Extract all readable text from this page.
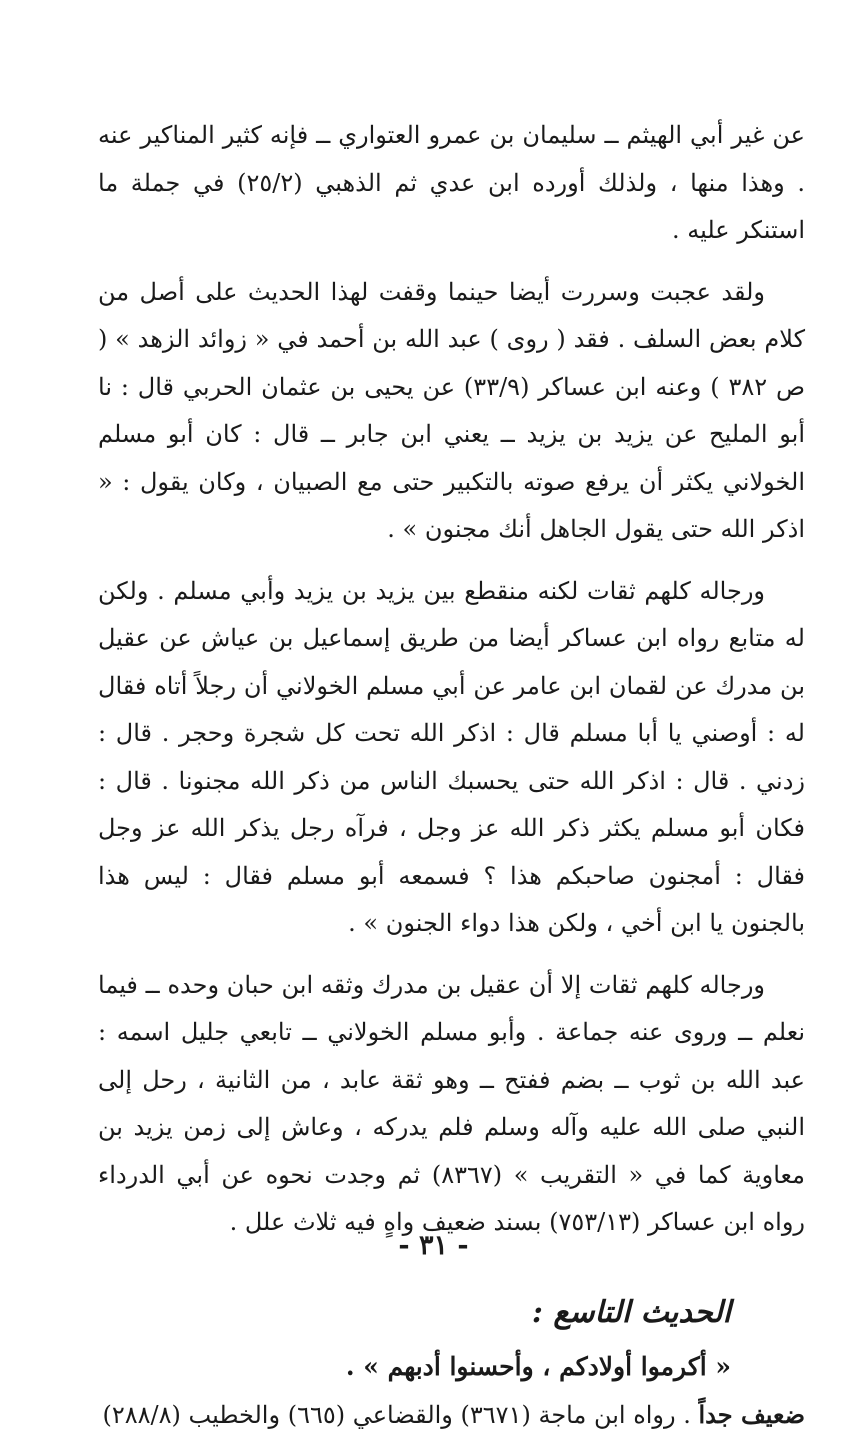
عن غير أبي الهيثم ــ سليمان بن عمرو العتواري ــ فإنه كثير المناكير عنه . وهذا منها ، ولذلك أورده ابن عدي ثم الذهبي (٢٥/٢) في جملة ما استنكر عليه .

ولقد عجبت وسررت أيضا حينما وقفت لهذا الحديث على أصل من كلام بعض السلف . فقد ( روى ) عبد الله بن أحمد في « زوائد الزهد » ( ص ٣٨٢ ) وعنه ابن عساكر (٣٣/٩) عن يحيى بن عثمان الحربي قال : نا أبو المليح عن يزيد بن يزيد ــ يعني ابن جابر ــ قال : كان أبو مسلم الخولاني يكثر أن يرفع صوته بالتكبير حتى مع الصبيان ، وكان يقول : « اذكر الله حتى يقول الجاهل أنك مجنون » .

ورجاله كلهم ثقات لكنه منقطع بين يزيد بن يزيد وأبي مسلم . ولكن له متابع رواه ابن عساكر أيضا من طريق إسماعيل بن عياش عن عقيل بن مدرك عن لقمان ابن عامر عن أبي مسلم الخولاني أن رجلاً أتاه فقال له : أوصني يا أبا مسلم قال : اذكر الله تحت كل شجرة وحجر . قال : زدني . قال : اذكر الله حتى يحسبك الناس من ذكر الله مجنونا . قال : فكان أبو مسلم يكثر ذكر الله عز وجل ، فرآه رجل يذكر الله عز وجل فقال : أمجنون صاحبكم هذا ؟ فسمعه أبو مسلم فقال : ليس هذا بالجنون يا ابن أخي ، ولكن هذا دواء الجنون » .

ورجاله كلهم ثقات إلا أن عقيل بن مدرك وثقه ابن حبان وحده ــ فيما نعلم ــ وروى عنه جماعة . وأبو مسلم الخولاني ــ تابعي جليل اسمه : عبد الله بن ثوب ــ بضم ففتح ــ وهو ثقة عابد ، من الثانية ، رحل إلى النبي صلى الله عليه وآله وسلم فلم يدركه ، وعاش إلى زمن يزيد بن معاوية كما في « التقريب » (٨٣٦٧) ثم وجدت نحوه عن أبي الدرداء رواه ابن عساكر (٧٥٣/١٣) بسند ضعيف واهٍ فيه ثلاث علل .

الحديث التاسع :
« أكرموا أولادكم ، وأحسنوا أدبهم » .

ضعيف جداً . رواه ابن ماجة (٣٦٧١) والقضاعي (٦٦٥) والخطيب (٢٨٨/٨)

- ٣١ -
